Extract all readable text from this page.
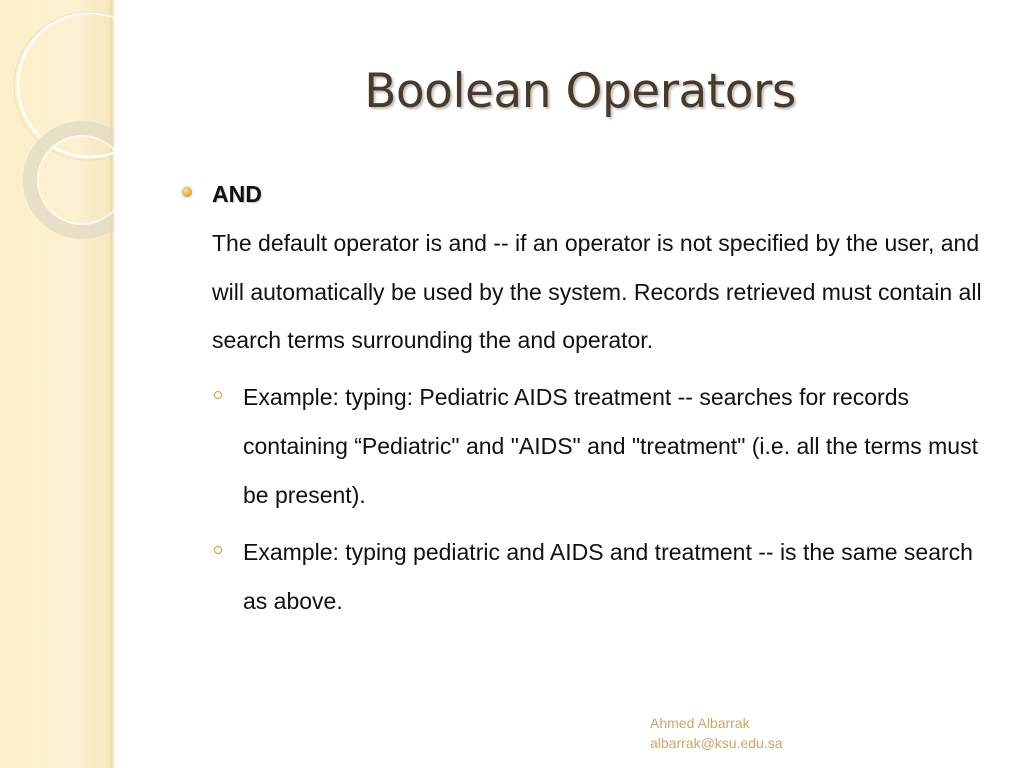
Boolean Operators
AND
The default operator is and -- if an operator is not specified by the user, and will automatically be used by the system. Records retrieved must contain all search terms surrounding the and operator.
Example: typing: Pediatric AIDS treatment -- searches for records containing “Pediatric" and "AIDS" and "treatment" (i.e. all the terms must be present).
Example: typing pediatric and AIDS and treatment -- is the same search as above.
Ahmed Albarrak
albarrak@ksu.edu.sa
